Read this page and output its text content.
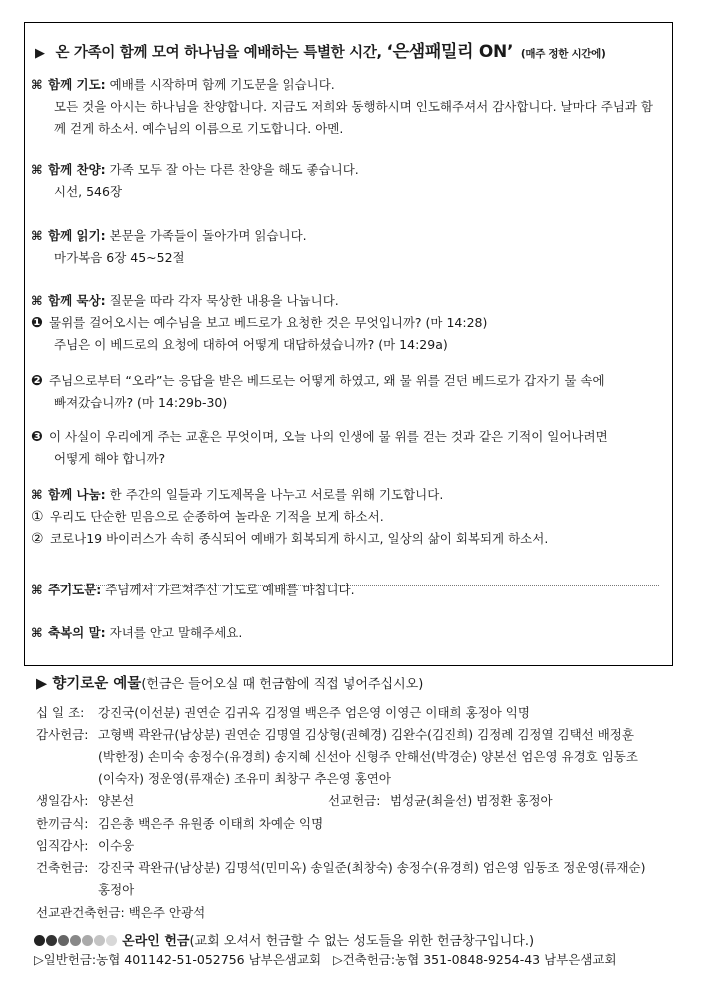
▶ 온 가족이 함께 모여 하나님을 예배하는 특별한 시간, ‘은샘패밀리 ON’ (매주 정한 시간에)
⌘ 함께 기도: 예배를 시작하며 함께 기도문을 읽습니다.
모든 것을 아시는 하나님을 찬양합니다. 지금도 저희와 동행하시며 인도해주셔서 감사합니다. 날마다 주님과 함께 걷게 하소서. 예수님의 이름으로 기도합니다. 아멘.
⌘ 함께 찬양: 가족 모두 잘 아는 다른 찬양을 해도 좋습니다.
시선, 546장
⌘ 함께 읽기: 본문을 가족들이 돌아가며 읽습니다.
마가복음 6장 45~52절
⌘ 함께 묵상: 질문을 따라 각자 묵상한 내용을 나눕니다.
❶ 물위를 걸어오시는 예수님을 보고 베드로가 요청한 것은 무엇입니까? (마 14:28)
주님은 이 베드로의 요청에 대하여 어떻게 대답하셨습니까? (마 14:29a)
❷ 주님으로부터 “오라”는 응답을 받은 베드로는 어떻게 하였고, 왜 물 위를 걷던 베드로가 갑자기 물 속에
빠져갔습니까? (마 14:29b-30)
❸ 이 사실이 우리에게 주는 교훈은 무엇이며, 오늘 나의 인생에 물 위를 걷는 것과 같은 기적이 일어나려면
어떻게 해야 합니까?
⌘ 함께 나눔: 한 주간의 일들과 기도제목을 나누고 서로를 위해 기도합니다.
① 우리도 단순한 믿음으로 순종하여 놀라운 기적을 보게 하소서.
② 코로나19 바이러스가 속히 종식되어 예배가 회복되게 하시고, 일상의 삶이 회복되게 하소서.
⌘ 주기도문: 주님께서 가르쳐주신 기도로 예배를 마칩니다.
⌘ 축복의 말: 자녀를 안고 말해주세요.
▶ 향기로운 예물(헌금은 들어오실 때 헌금함에 직접 넣어주십시오)
십 일 조: 강진국(이선분) 권연순 김귀옥 김정열 백은주 엄은영 이영근 이태희 홍정아 익명
감사헌금: 고형백 곽완규(남상분) 권연순 김명열 김상형(권혜경) 김완수(김진희) 김정례 김정열 김택선 배정훈
(박한정) 손미숙 송정수(유경희) 송지혜 신선아 신형주 안해선(박경순) 양본선 엄은영 유경호 임동조
(이숙자) 정운영(류재순) 조유미 최창구 추은영 홍연아
생일감사: 양본선	선교헌금: 범성균(최을선) 범정환 홍정아
한끼금식: 김은총 백은주 유원종 이태희 차예순 익명
임직감사: 이수웅
건축헌금: 강진국 곽완규(남상분) 김명석(민미옥) 송일준(최창숙) 송정수(유경희) 엄은영 임동조 정운영(류재순)
홍정아
선교관건축헌금: 백은주 안광석
온라인 헌금(교회 오셔서 헌금할 수 없는 성도들을 위한 헌금창구입니다.)
▷일반헌금:농협 401142-51-052756 남부은샘교회 ▷건축헌금:농협 351-0848-9254-43 남부은샘교회
